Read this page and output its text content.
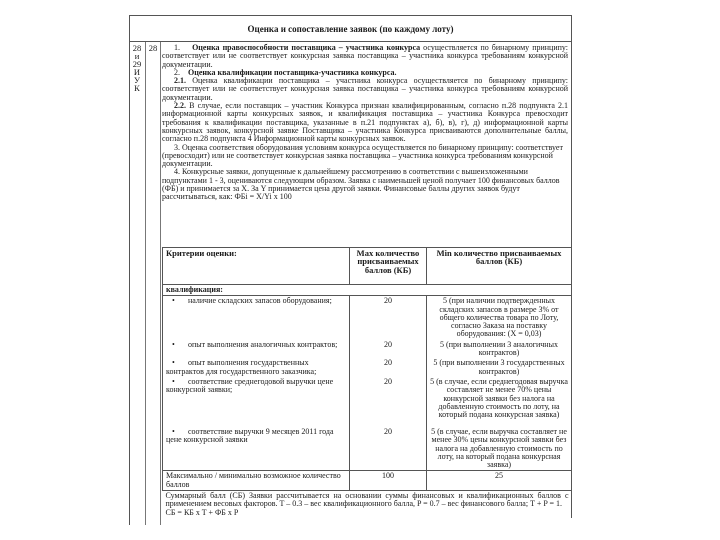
Оценка и сопоставление заявок (по каждому лоту)
28
и
29
И
У
К
28	1. Оценка правоспособности поставщика – участника конкурса осуществляется по бинарному принципу: соответствует или не соответствует конкурсная заявка поставщика – участника конкурса требованиям конкурсной документации.

2. Оценка квалификации поставщика-участника конкурса.

2.1. Оценка квалификации поставщика – участника конкурса осуществляется по бинарному принципу: соответствует или не соответствует конкурсная заявка поставщика – участника конкурса требованиям конкурсной документации.

2.2. В случае, если поставщик – участник Конкурса признан квалифицированным, согласно п.28 подпункта 2.1 информационной карты конкурсных заявок, и квалификация поставщика – участника Конкурса превосходит требования к квалификации поставщика, указанные в п.21 подпунктах а), б), в), г), д) информационной карты конкурсных заявок, конкурсной заявке Поставщика – участника Конкурса присваиваются дополнительные баллы, согласно п.28 подпункта 4 Информационной карты конкурсных заявок.

3. Оценка соответствия оборудования условиям конкурса осуществляется по бинарному принципу: соответствует (превосходит) или не соответствует конкурсная заявка поставщика – участника конкурса требованиям конкурсной документации.

4. Конкурсные заявки, допущенные к дальнейшему рассмотрению в соответствии с вышеизложенными подпунктами 1 - 3, оцениваются следующим образом. Заявка с наименьшей ценой получает 100 финансовых баллов (ФБ) и принимается за X. За Y принимается цена другой заявки. Финансовые баллы других заявок будут рассчитываться, как: ФБi = X/Yi x 100

Критерии оценки:	Max количество присваиваемых баллов (КБ)	Min количество присваиваемых баллов (КБ)
квалификация:		
• наличие складских запасов оборудования;	20	5 (при наличии подтвержденных складских запасов в размере 3% от общего количества товара по Лоту, согласно Заказа на поставку оборудования: (X = 0,03)
• опыт выполнения аналогичных контрактов;	20	5 (при выполнении 3 аналогичных контрактов)
• опыт выполнения государственных контрактов для государственного заказчика;	20	5 (при выполнении 3 государственных контрактов)
• соответствие среднегодовой выручки цене конкурсной заявки;	20	5 (в случае, если среднегодовая выручка составляет не менее 70% цены конкурсной заявки без налога на добавленную стоимость по лоту, на который подана конкурсная заявка)
• соответствие выручки 9 месяцев 2011 года цене конкурсной заявки	20	5 (в случае, если выручка составляет не менее 30% цены конкурсной заявки без налога на добавленную стоимость по лоту, на который подана конкурсная заявка)
Максимально / минимально возможное количество баллов	100	25

Суммарный балл (СБ) Заявки рассчитывается на основании суммы финансовых и квалификационных баллов с применением весовых факторов. T – 0.3 – вес квалификационного балла, P = 0.7 – вес финансового балла; T + P = 1.
СБ = КБ x T + ФБ x P		
